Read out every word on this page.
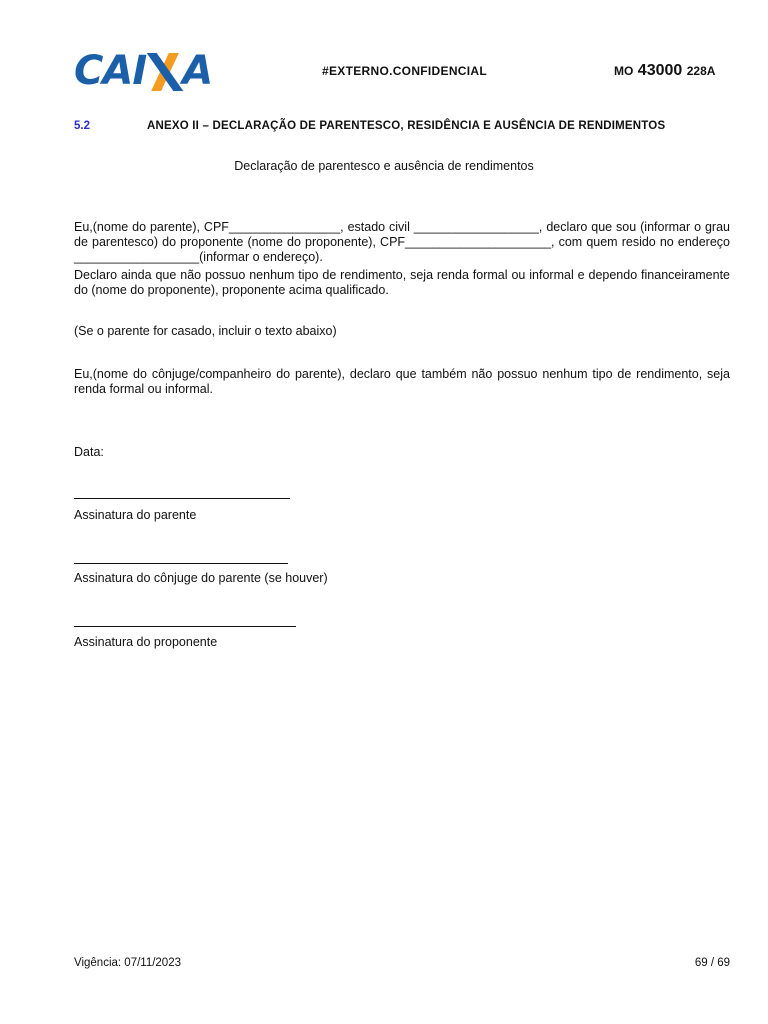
CAI A	#EXTERNO.CONFIDENCIAL	MO 43000 228A
5.2	ANEXO II – DECLARAÇÃO DE PARENTESCO, RESIDÊNCIA E AUSÊNCIA DE RENDIMENTOS
Declaração de parentesco e ausência de rendimentos
Eu,(nome do parente), CPF________________, estado civil __________________, declaro que sou (informar o grau de parentesco) do proponente (nome do proponente), CPF_____________________, com quem resido no endereço __________________(informar o endereço).
Declaro ainda que não possuo nenhum tipo de rendimento, seja renda formal ou informal e dependo financeiramente do (nome do proponente), proponente acima qualificado.
(Se o parente for casado, incluir o texto abaixo)
Eu,(nome do cônjuge/companheiro do parente), declaro que também não possuo nenhum tipo de rendimento, seja renda formal ou informal.
Data:
Assinatura do parente
Assinatura do cônjuge do parente (se houver)
Assinatura do proponente
Vigência: 07/11/2023	69 / 69
